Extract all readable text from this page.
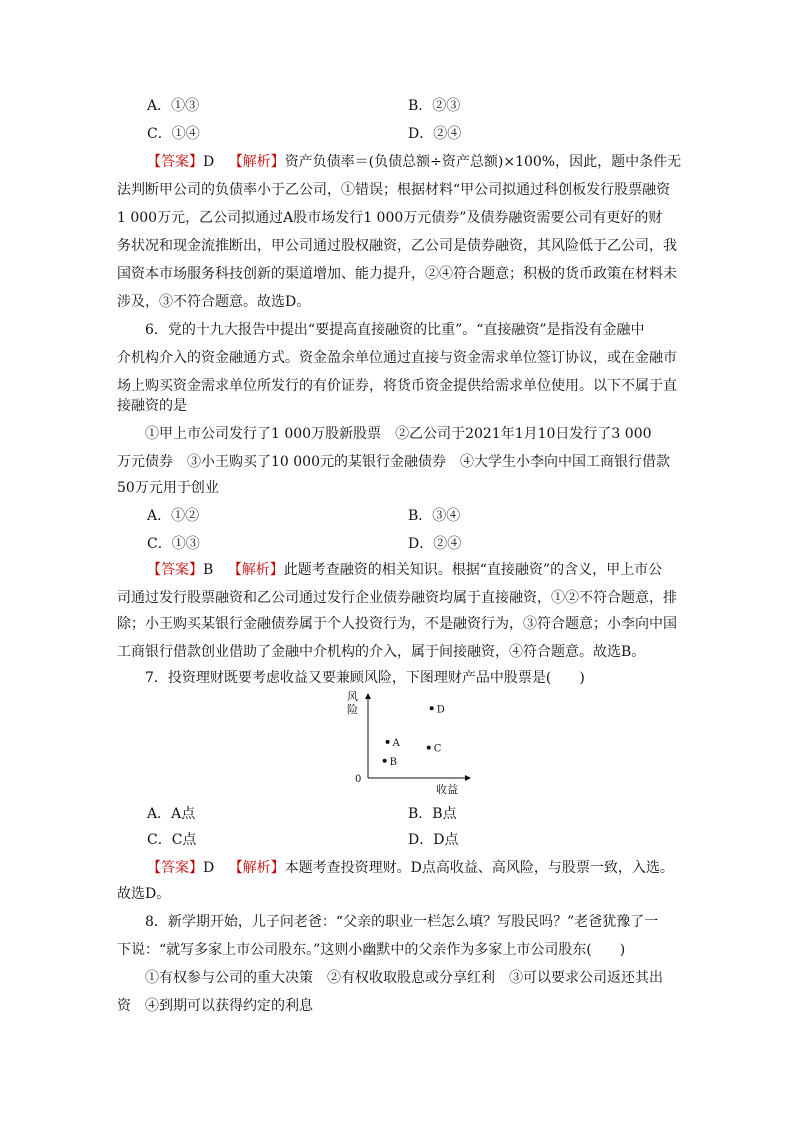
A．①③	B．②③
C．①④	D．②④
【答案】D 【解析】资产负债率＝(负债总额÷资产总额)×100%，因此，题中条件无
法判断甲公司的负债率小于乙公司，①错误；根据材料“甲公司拟通过科创板发行股票融资
1 000万元，乙公司拟通过A股市场发行1 000万元债券”及债券融资需要公司有更好的财
务状况和现金流推断出，甲公司通过股权融资，乙公司是债券融资，其风险低于乙公司，我
国资本市场服务科技创新的渠道增加、能力提升，②④符合题意；积极的货币政策在材料未
涉及，③不符合题意。故选D。
6．党的十九大报告中提出“要提高直接融资的比重”。“直接融资”是指没有金融中
介机构介入的资金融通方式。资金盈余单位通过直接与资金需求单位签订协议，或在金融市
场上购买资金需求单位所发行的有价证券，将货币资金提供给需求单位使用。以下不属于直
接融资的是
①甲上市公司发行了1 000万股新股票　②乙公司于2021年1月10日发行了3 000
万元债券　③小王购买了10 000元的某银行金融债券　④大学生小李向中国工商银行借款
50万元用于创业
A．①②	B．③④
C．①③	D．②④
【答案】B 【解析】此题考查融资的相关知识。根据“直接融资”的含义，甲上市公
司通过发行股票融资和乙公司通过发行企业债券融资均属于直接融资，①②不符合题意，排
除；小王购买某银行金融债券属于个人投资行为，不是融资行为，③符合题意；小李向中国
工商银行借款创业借助了金融中介机构的介入，属于间接融资，④符合题意。故选B。
7．投资理财既要考虑收益又要兼顾风险，下图理财产品中股票是(　　)
风
险
收益
0
D
A
C
B
A．A点	B．B点
C．C点	D．D点
【答案】D 【解析】本题考查投资理财。D点高收益、高风险，与股票一致，入选。
故选D。
8．新学期开始，儿子问老爸：“父亲的职业一栏怎么填？写股民吗？”老爸犹豫了一
下说：“就写多家上市公司股东。”这则小幽默中的父亲作为多家上市公司股东(　　)
①有权参与公司的重大决策　②有权收取股息或分享红利　③可以要求公司返还其出
资　④到期可以获得约定的利息
